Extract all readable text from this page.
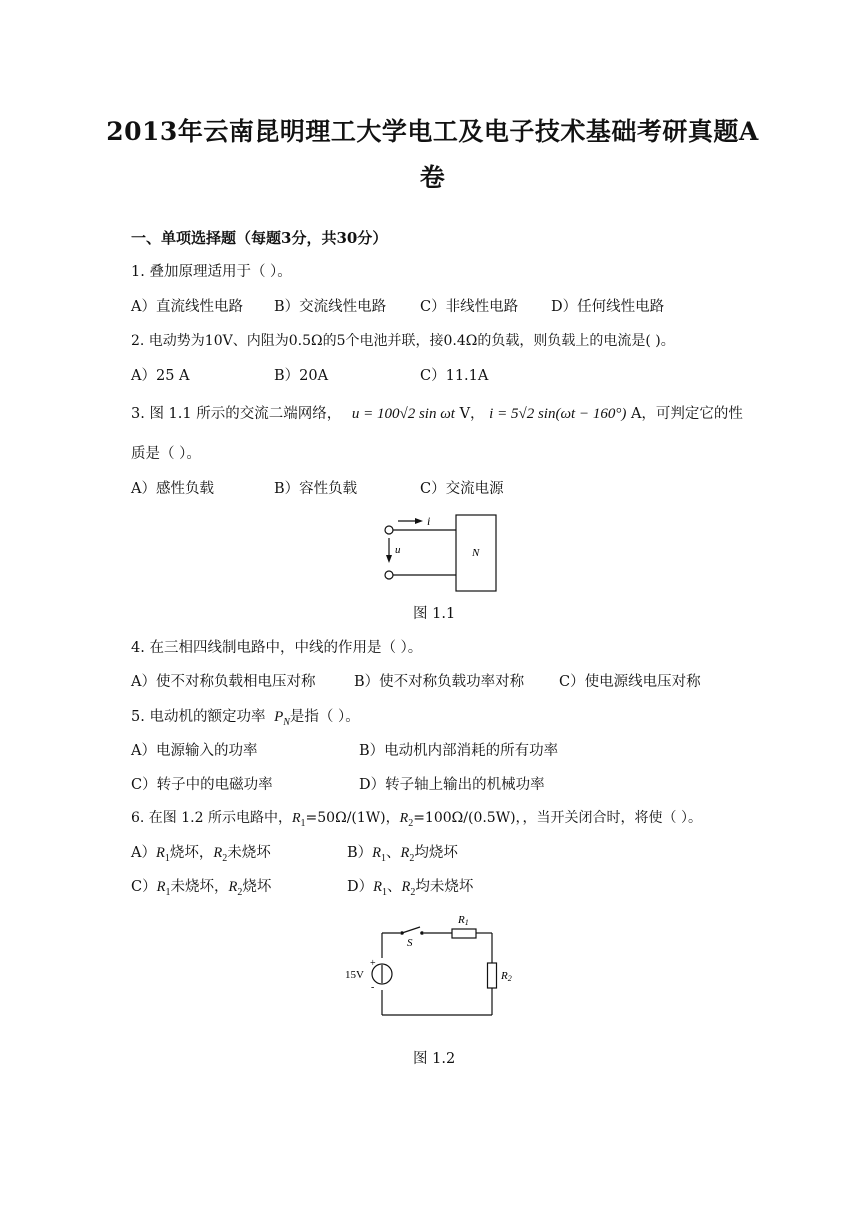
2013年云南昆明理工大学电工及电子技术基础考研真题A
卷
一、单项选择题（每题3分，共30分）
1. 叠加原理适用于（ ）。
A）直流线性电路 B）交流线性电路 C）非线性电路 D）任何线性电路
2. 电动势为10V、内阻为0.5Ω的5个电池并联，接0.4Ω的负载，则负载上的电流是( )。
A）25 A	B）20A	C）11.1A
3. 图 1.1 所示的交流二端网络， u = 100√2 sin ωt V， i = 5√2 sin(ωt − 160°) A，可判定它的性
质是（ ）。
A）感性负载	B）容性负载	C）交流电源
i
u	N
图 1.1
4. 在三相四线制电路中，中线的作用是（ ）。
A）使不对称负载相电压对称	B）使不对称负载功率对称 C）使电源线电压对称
5. 电动机的额定功率 $P_N$是指（ ）。
A）电源输入的功率	B）电动机内部消耗的所有功率
C）转子中的电磁功率	D）转子轴上输出的机械功率
6. 在图 1.2 所示电路中，$R_1=50\Omega/(1W)$，$R_2=100\Omega/(0.5W)$，，当开关闭合时，将使（ ）。
$A)R_1$烧坏，$R_2$未烧坏	$B)R_1$、$R_2$均烧坏
$C)R_1$未烧坏，$R_2$烧坏	$D)R_1$、$R_2$均未烧坏
+
-
15V
S
R1
R2
图 1.2
